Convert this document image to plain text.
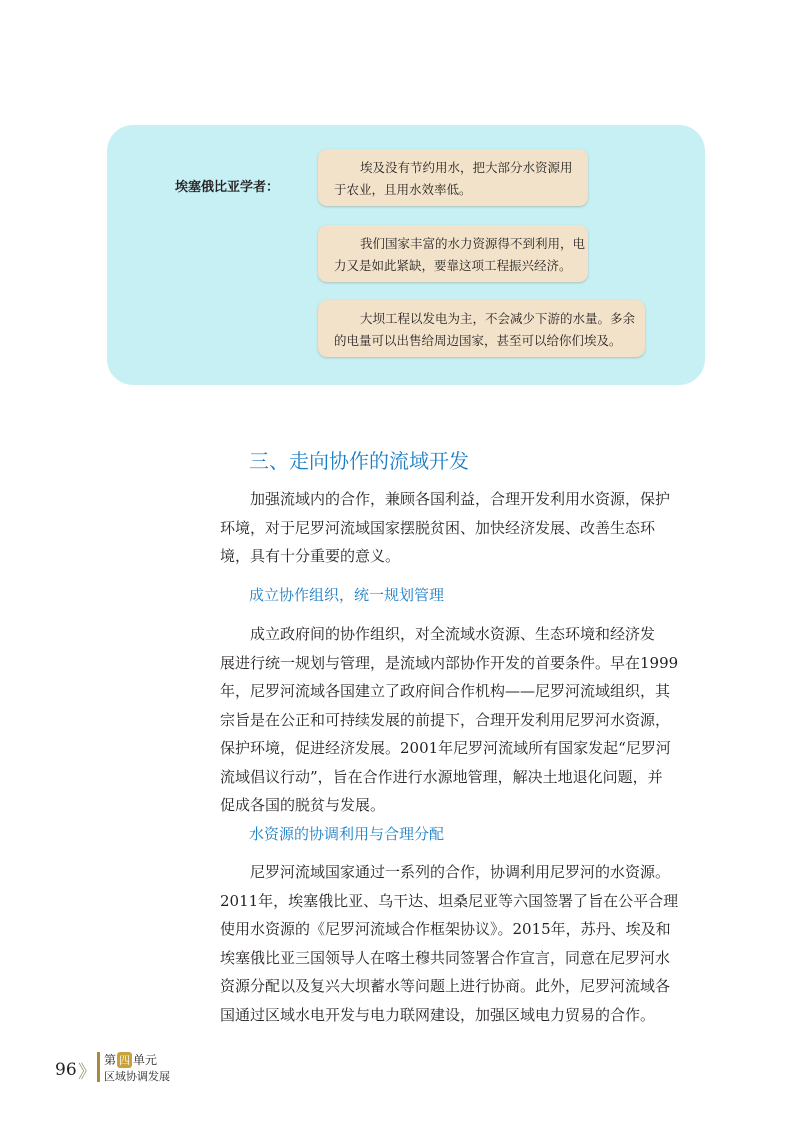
埃塞俄比亚学者：
埃及没有节约用水，把大部分水资源用
于农业，且用水效率低。
我们国家丰富的水力资源得不到利用，电
力又是如此紧缺，要靠这项工程振兴经济。
大坝工程以发电为主，不会减少下游的水量。多余
的电量可以出售给周边国家，甚至可以给你们埃及。
三、走向协作的流域开发
　　加强流域内的合作，兼顾各国利益，合理开发利用水资源，保护
环境，对于尼罗河流域国家摆脱贫困、加快经济发展、改善生态环
境，具有十分重要的意义。
成立协作组织，统一规划管理
　　成立政府间的协作组织，对全流域水资源、生态环境和经济发
展进行统一规划与管理，是流域内部协作开发的首要条件。早在1999
年，尼罗河流域各国建立了政府间合作机构——尼罗河流域组织，其
宗旨是在公正和可持续发展的前提下，合理开发利用尼罗河水资源，
保护环境，促进经济发展。2001年尼罗河流域所有国家发起“尼罗河
流域倡议行动”，旨在合作进行水源地管理，解决土地退化问题，并
促成各国的脱贫与发展。
水资源的协调利用与合理分配
　　尼罗河流域国家通过一系列的合作，协调利用尼罗河的水资源。
2011年，埃塞俄比亚、乌干达、坦桑尼亚等六国签署了旨在公平合理
使用水资源的《尼罗河流域合作框架协议》。2015年，苏丹、埃及和
埃塞俄比亚三国领导人在喀土穆共同签署合作宣言，同意在尼罗河水
资源分配以及复兴大坝蓄水等问题上进行协商。此外，尼罗河流域各
国通过区域水电开发与电力联网建设，加强区域电力贸易的合作。
96 》
第 四 单元
区域协调发展
